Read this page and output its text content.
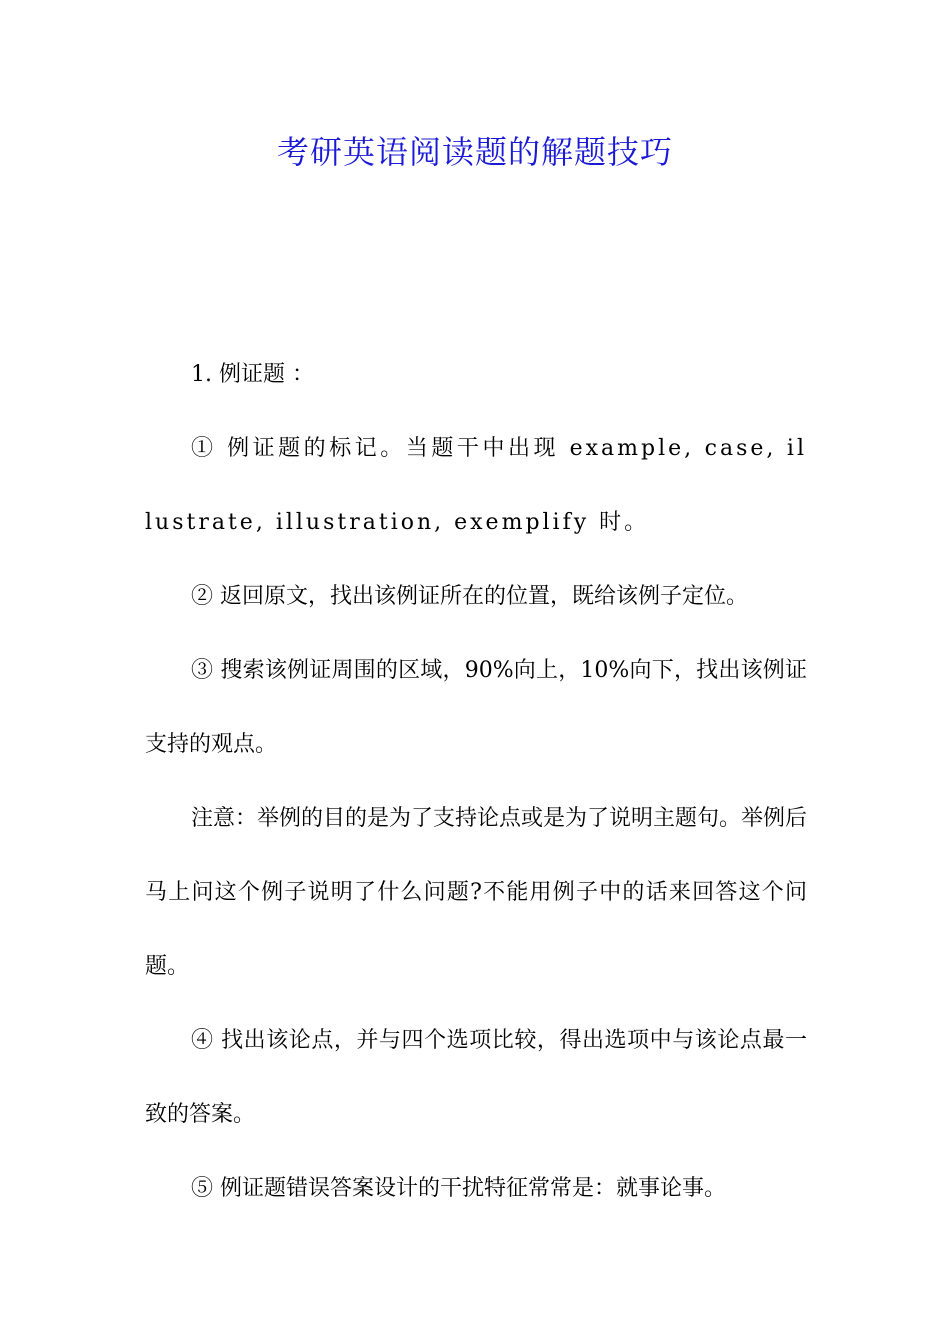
考研英语阅读题的解题技巧

1. 例证题 ：

① 例证题的标记。当题干中出现 example, case, illustrate, illustration, exemplify 时。

② 返回原文，找出该例证所在的位置，既给该例子定位。

③ 搜索该例证周围的区域，90%向上，10%向下，找出该例证支持的观点。

注意：举例的目的是为了支持论点或是为了说明主题句。举例后马上问这个例子说明了什么问题?不能用例子中的话来回答这个问题。

④ 找出该论点，并与四个选项比较，得出选项中与该论点最一致的答案。

⑤ 例证题错误答案设计的干扰特征常常是：就事论事。
